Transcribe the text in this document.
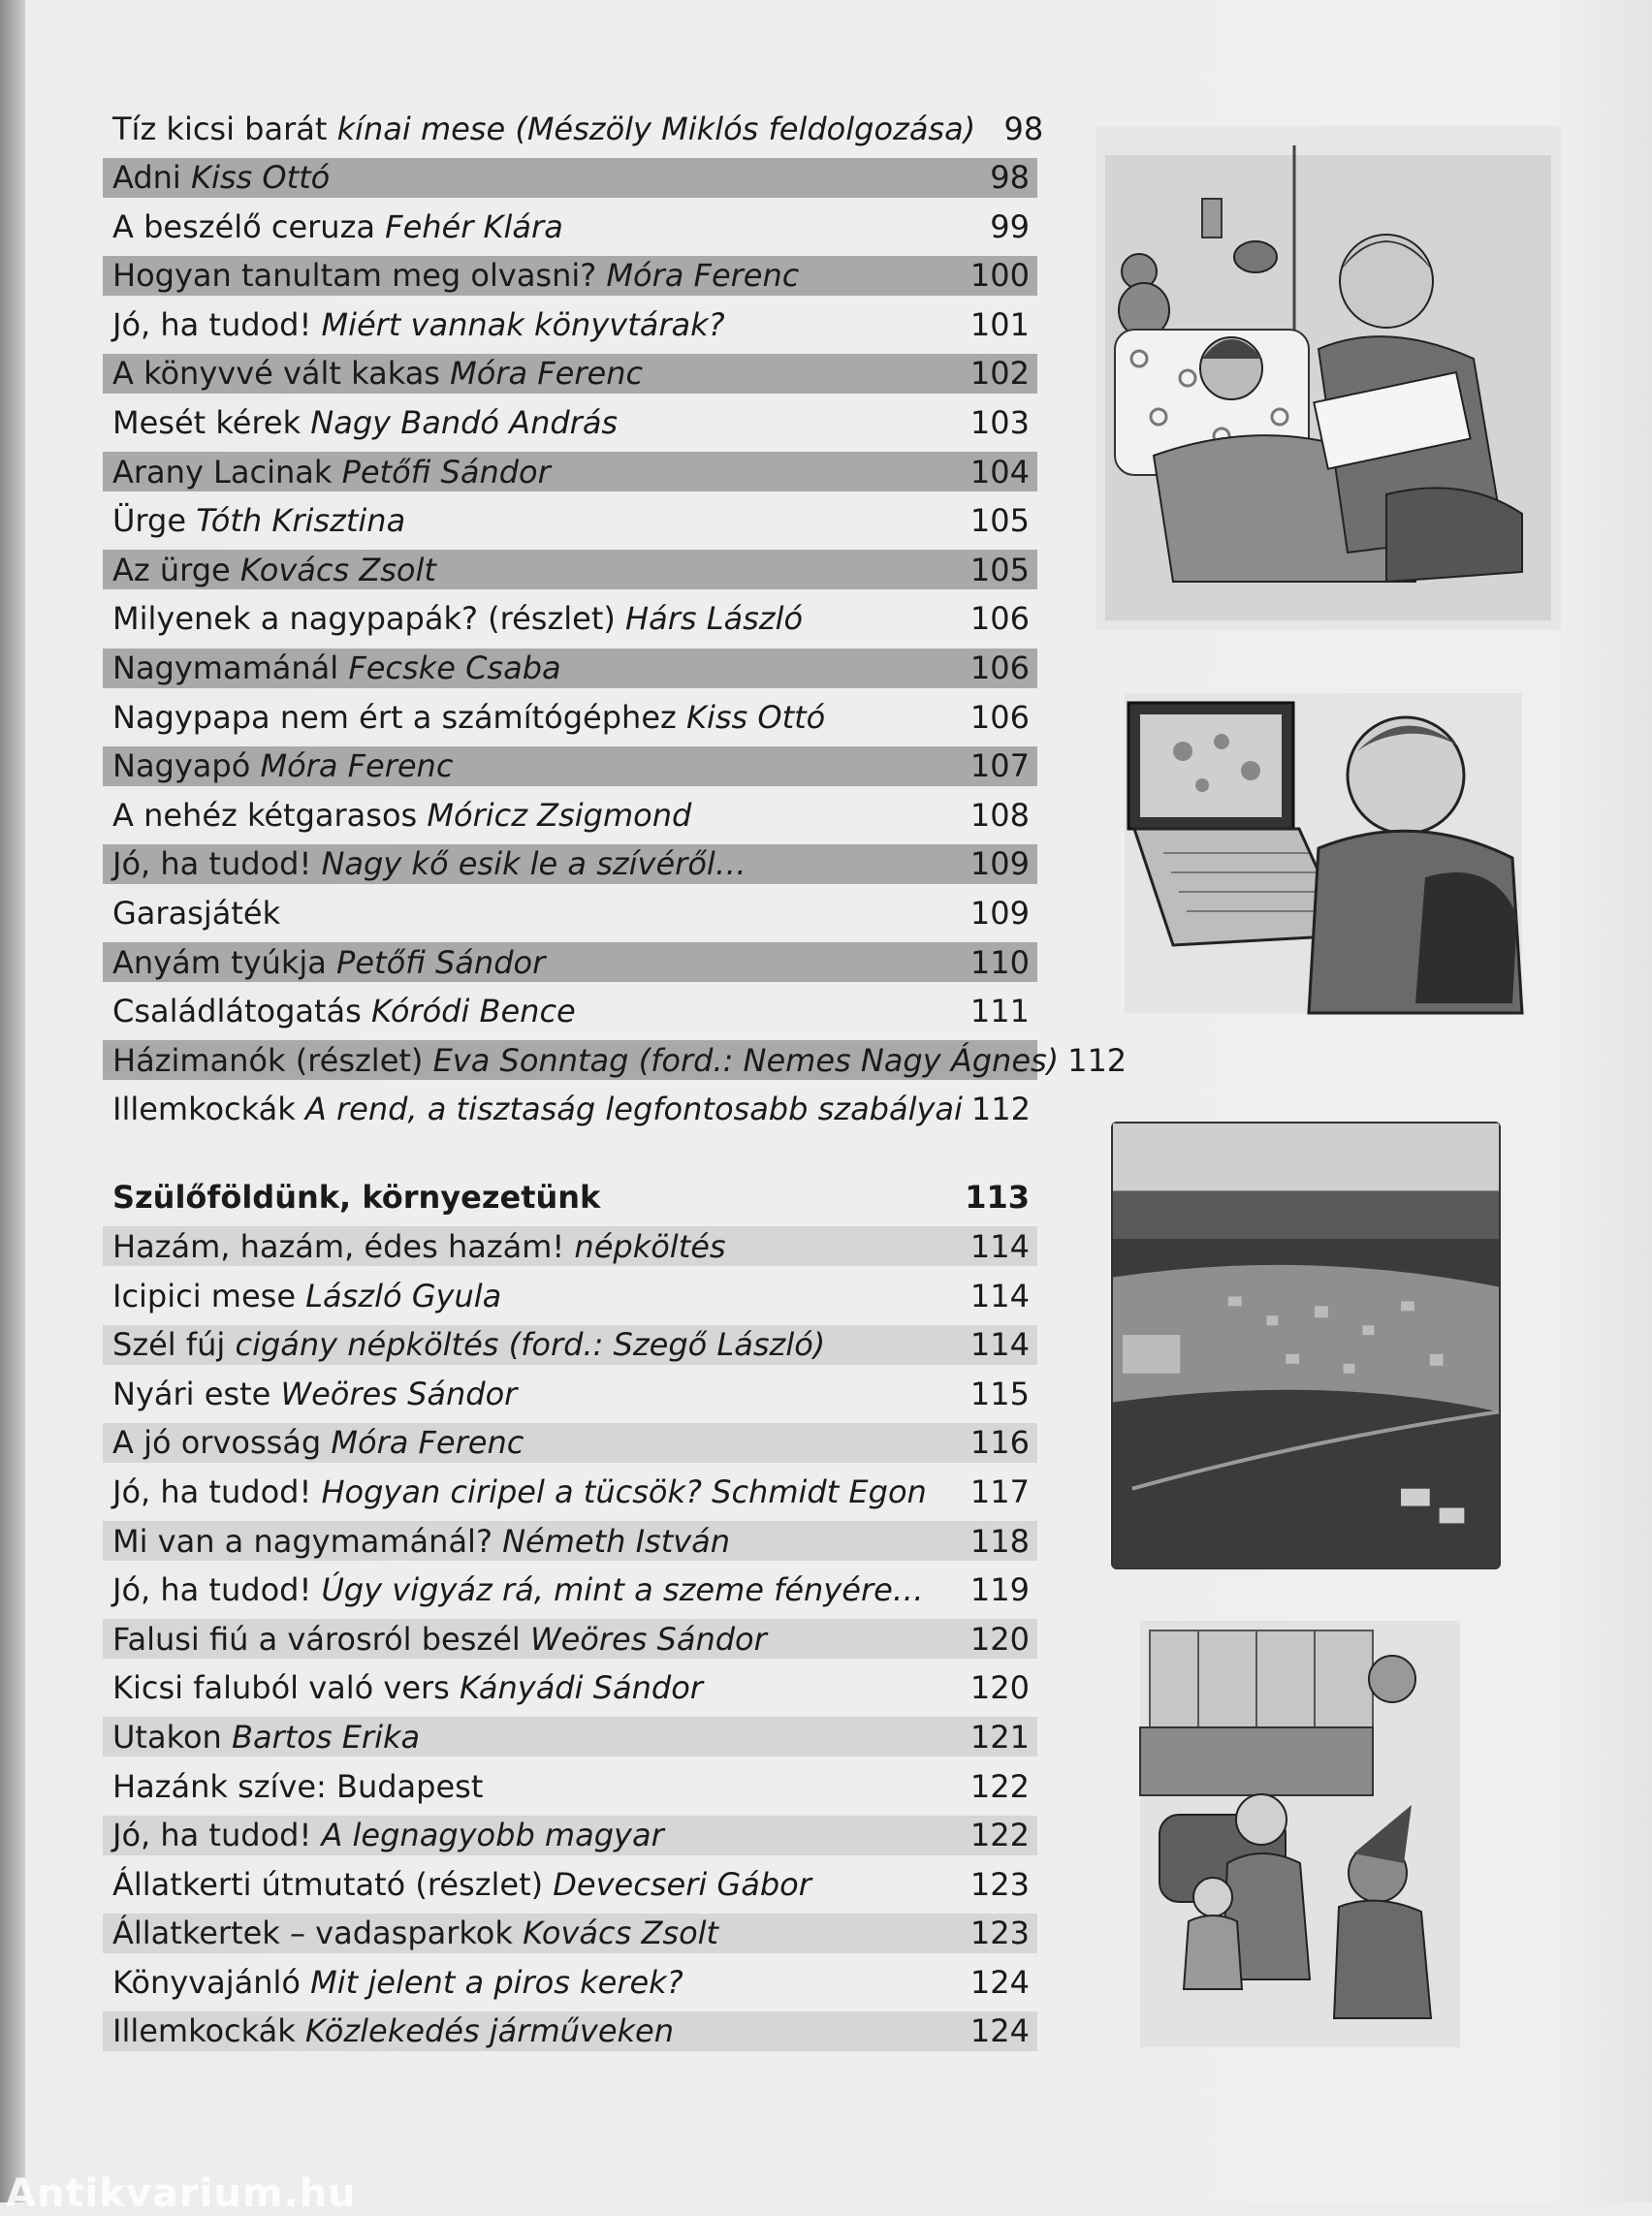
Tíz kicsi barát kínai mese (Mészöly Miklós feldolgozása) 98
Adni Kiss Ottó	98
A beszélő ceruza Fehér Klára	99
Hogyan tanultam meg olvasni? Móra Ferenc	100
Jó, ha tudod! Miért vannak könyvtárak?	101
A könyvvé vált kakas Móra Ferenc	102
Mesét kérek Nagy Bandó András	103
Arany Lacinak Petőfi Sándor	104
Ürge Tóth Krisztina	105
Az ürge Kovács Zsolt	105
Milyenek a nagypapák? (részlet) Hárs László	106
Nagymamánál Fecske Csaba	106
Nagypapa nem ért a számítógéphez Kiss Ottó	106
Nagyapó Móra Ferenc	107
A nehéz kétgarasos Móricz Zsigmond	108
Jó, ha tudod! Nagy kő esik le a szívéről…	109
Garasjáték	109
Anyám tyúkja Petőfi Sándor	110
Családlátogatás Kóródi Bence	111
Házimanók (részlet) Eva Sonntag (ford.: Nemes Nagy Ágnes) 112
Illemkockák A rend, a tisztaság legfontosabb szabályai 112
Szülőföldünk, környezetünk	113
Hazám, hazám, édes hazám! népköltés	114
Icipici mese László Gyula	114
Szél fúj cigány népköltés (ford.: Szegő László)	114
Nyári este Weöres Sándor	115
A jó orvosság Móra Ferenc	116
Jó, ha tudod! Hogyan ciripel a tücsök? Schmidt Egon 117
Mi van a nagymamánál? Németh István	118
Jó, ha tudod! Úgy vigyáz rá, mint a szeme fényére… 119
Falusi fiú a városról beszél Weöres Sándor	120
Kicsi faluból való vers Kányádi Sándor	120
Utakon Bartos Erika	121
Hazánk szíve: Budapest	122
Jó, ha tudod! A legnagyobb magyar	122
Állatkerti útmutató (részlet) Devecseri Gábor	123
Állatkertek – vadasparkok Kovács Zsolt	123
Könyvajánló Mit jelent a piros kerek?	124
Illemkockák Közlekedés járműveken	124
Antikvarium.hu
